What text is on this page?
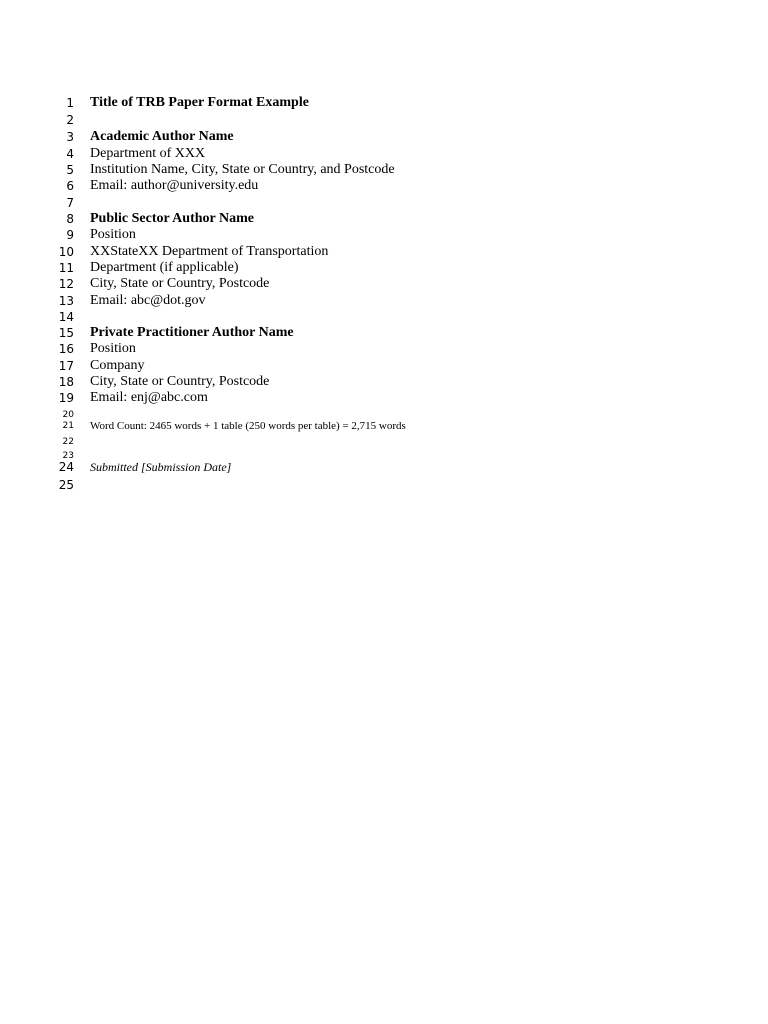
1 Title of TRB Paper Format Example
2
3 Academic Author Name
4 Department of XXX
5 Institution Name, City, State or Country, and Postcode
6 Email: author@university.edu
7
8 Public Sector Author Name
9 Position
10 XXStateXX Department of Transportation
11 Department (if applicable)
12 City, State or Country, Postcode
13 Email: abc@dot.gov
14
15 Private Practitioner Author Name
16 Position
17 Company
18 City, State or Country, Postcode
19 Email: enj@abc.com
20
21 Word Count: 2465 words + 1 table (250 words per table) = 2,715 words
22
23
24 Submitted [Submission Date]
25
